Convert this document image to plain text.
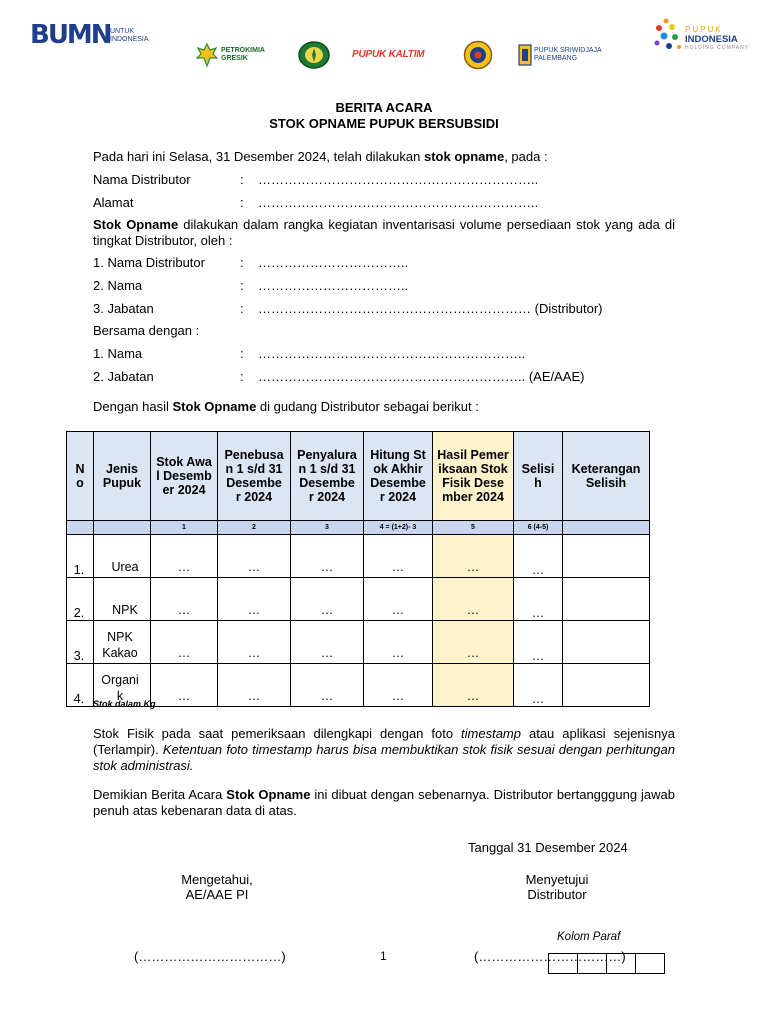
BUMN UNTUK INDONESIA
PETROKIMIA GRESIK	PUPUK KALTIM	PUPUK SRIWIDJAJA PALEMBANG
PUPUK
INDONESIA
HOLDING COMPANY
BERITA ACARA
STOK OPNAME PUPUK BERSUBSIDI
Pada hari ini Selasa, 31 Desember 2024, telah dilakukan stok opname, pada :
Nama Distributor	: ………………………………………………………..
Alamat	: ………………………………………………………..
Stok Opname dilakukan dalam rangka kegiatan inventarisasi volume persediaan stok yang ada di tingkat Distributor, oleh :
1. Nama Distributor	: ……………………………..
2. Nama	: ……………………………..
3. Jabatan	: ……………………………………………………… (Distributor)
Bersama dengan :
1. Nama	: ……………………………………………………..
2. Jabatan	: …………………………………………………….. (AE/AAE)
Dengan hasil Stok Opname di gudang Distributor sebagai berikut :
No	Jenis Pupuk	Stok Awal Desember 2024	Penebusan 1 s/d 31 Desember 2024	Penyaluran 1 s/d 31 Desember 2024	Hitung Stok Akhir Desember 2024	Hasil Pemeriksaan Stok Fisik Desember 2024	Selisih	Keterangan Selisih

		1	2	3	4 = (1+2)- 3	5	6 (4-5)	
1.	Urea	…	…	…	…	…	…	
2.	NPK	…	…	…	…	…	…	
3.	NPK Kakao	…	…	…	…	…	…	
4.	Organik	…	…	…	…	…	…	
Stok dalam Kg
Stok Fisik pada saat pemeriksaan dilengkapi dengan foto timestamp atau aplikasi sejenisnya (Terlampir). Ketentuan foto timestamp harus bisa membuktikan stok fisik sesuai dengan perhitungan stok administrasi.
Demikian Berita Acara Stok Opname ini dibuat dengan sebenarnya. Distributor bertangggung jawab penuh atas kebenaran data di atas.
Tanggal 31 Desember 2024
Mengetahui,
AE/AAE PI
Menyetujui
Distributor
Kolom Paraf
(……………………………)	1	(……………………………)
